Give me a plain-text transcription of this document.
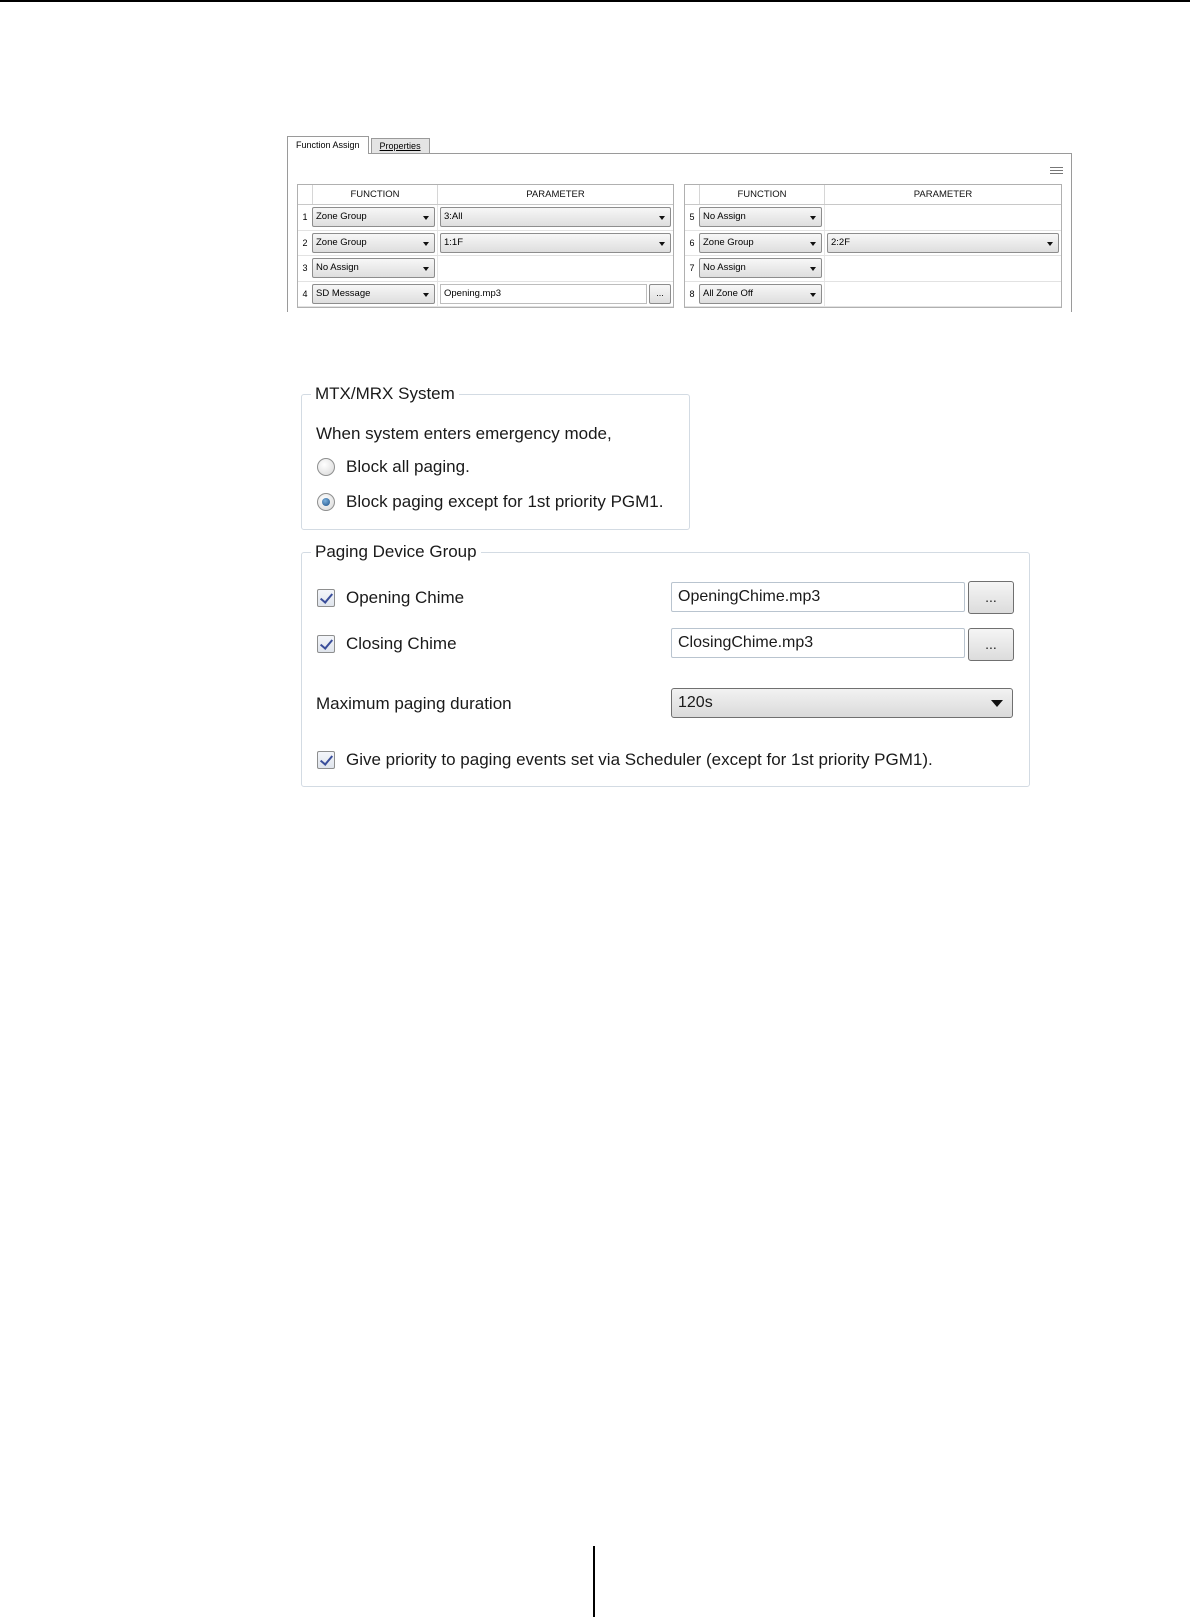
Function Assign	Properties
FUNCTION	PARAMETER
1 Zone Group	3:All
2 Zone Group	1:1F
3 No Assign
4 SD Message	Opening.mp3	...
FUNCTION	PARAMETER
5 No Assign
6 Zone Group	2:2F
7 No Assign
8 All Zone Off
MTX/MRX System
When system enters emergency mode,
Block all paging.
Block paging except for 1st priority PGM1.
Paging Device Group
Opening Chime	OpeningChime.mp3	...
Closing Chime	ClosingChime.mp3	...
Maximum paging duration	120s
Give priority to paging events set via Scheduler (except for 1st priority PGM1).
